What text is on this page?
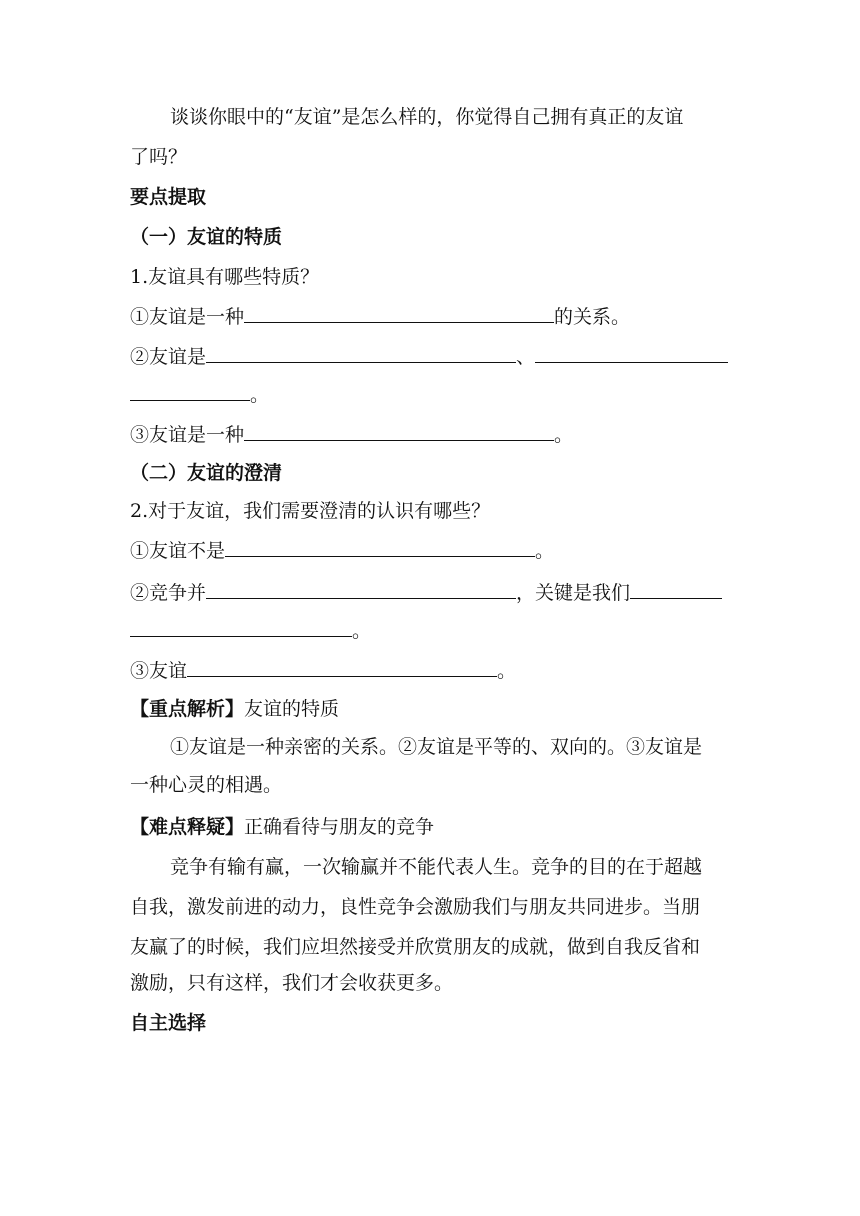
谈谈你眼中的“友谊”是怎么样的，你觉得自己拥有真正的友谊
了吗？
要点提取
（一）友谊的特质
1.友谊具有哪些特质？
①友谊是一种	的关系。
②友谊是	、
。
③友谊是一种	。
（二）友谊的澄清
2.对于友谊，我们需要澄清的认识有哪些？
①友谊不是	。
②竞争并	，关键是我们
。
③友谊	。
【重点解析】友谊的特质
①友谊是一种亲密的关系。②友谊是平等的、双向的。③友谊是
一种心灵的相遇。
【难点释疑】正确看待与朋友的竞争
竞争有输有赢，一次输赢并不能代表人生。竞争的目的在于超越
自我，激发前进的动力，良性竞争会激励我们与朋友共同进步。当朋
友赢了的时候，我们应坦然接受并欣赏朋友的成就，做到自我反省和
激励，只有这样，我们才会收获更多。
自主选择
